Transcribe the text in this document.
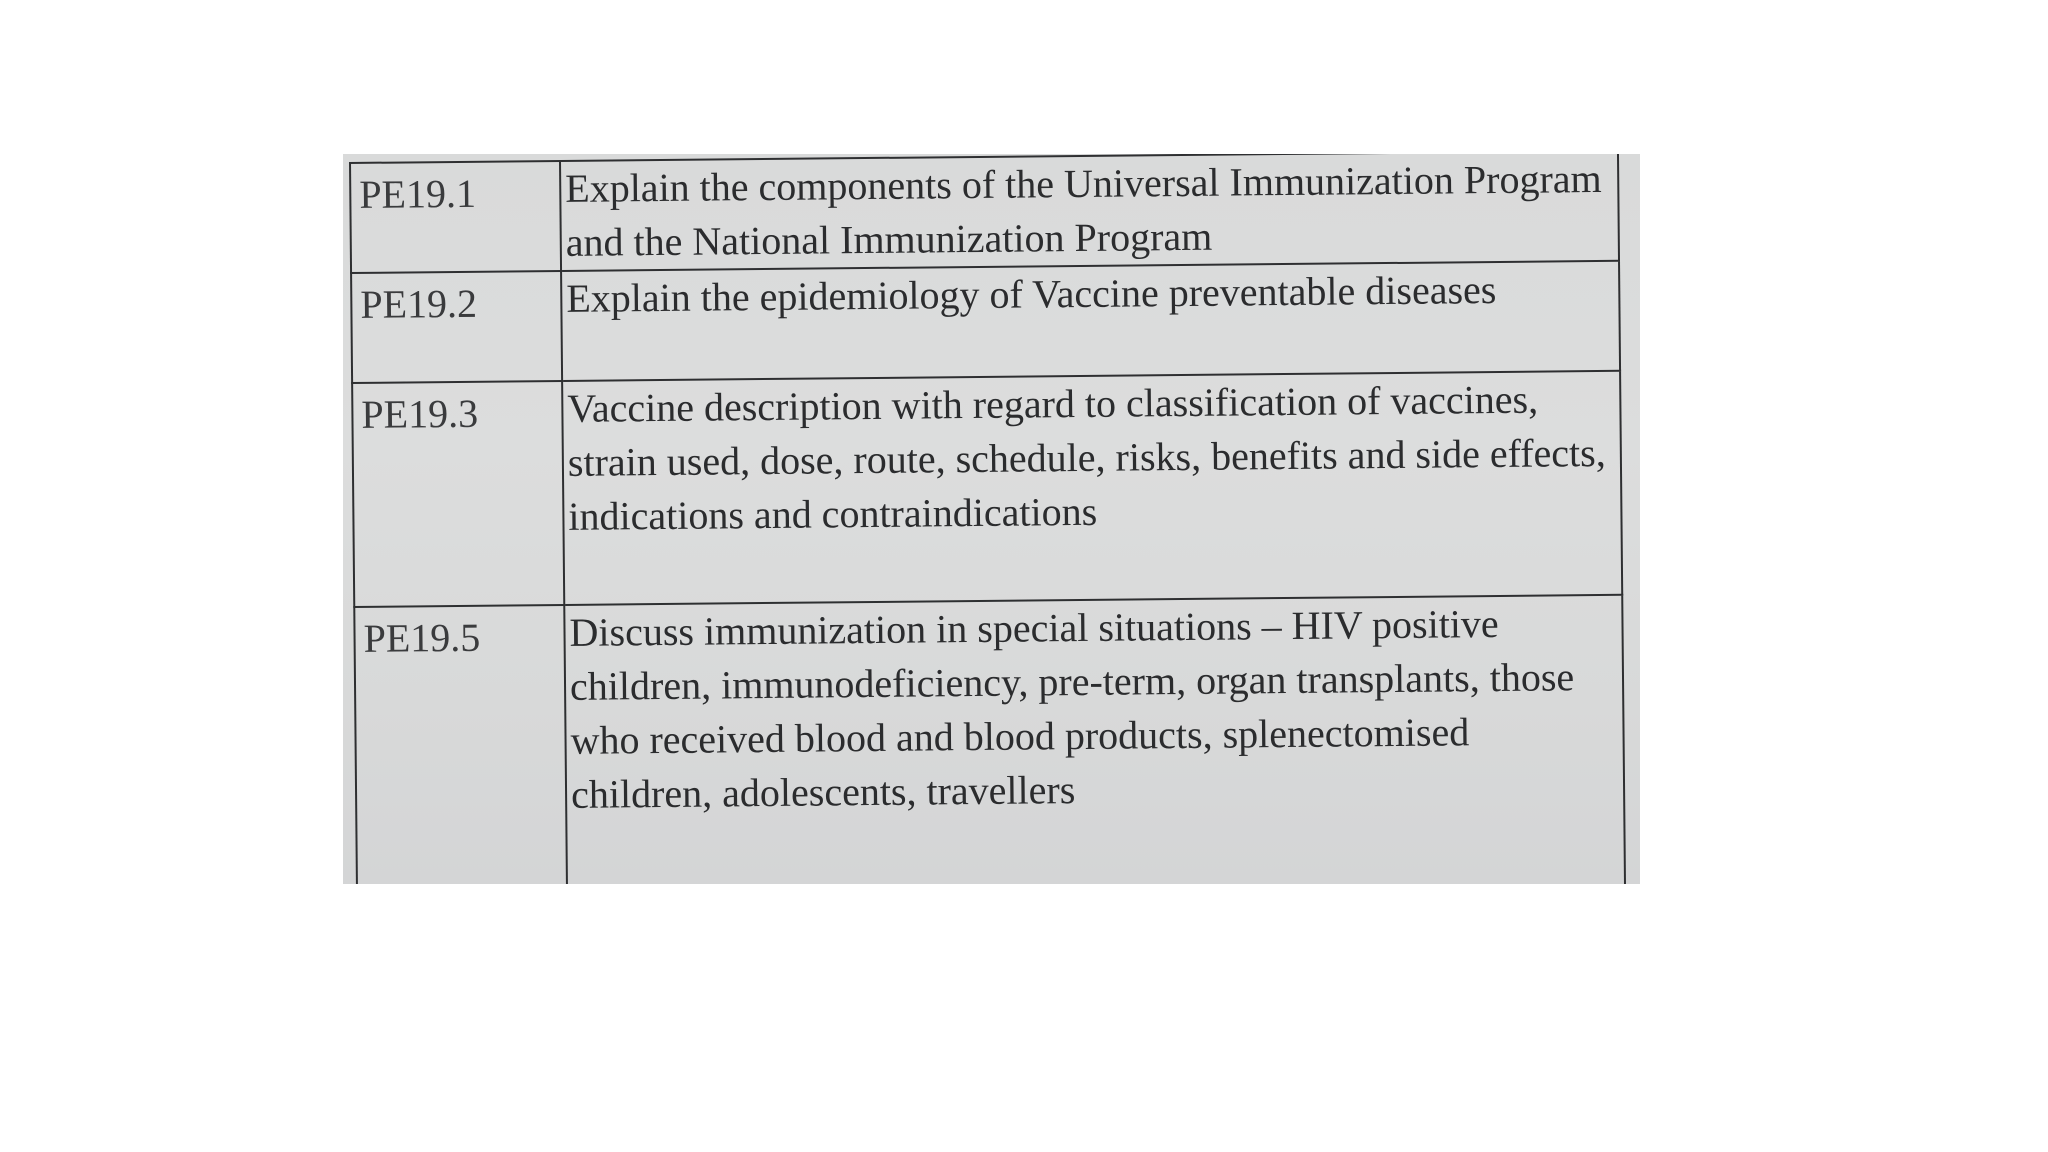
PE19.1	Explain the components of the Universal Immunization Program and the National Immunization Program
PE19.2	Explain the epidemiology of Vaccine preventable diseases
PE19.3	Vaccine description with regard to classification of vaccines, strain used, dose, route, schedule, risks, benefits and side effects, indications and contraindications
PE19.5	Discuss immunization in special situations – HIV positive children, immunodeficiency, pre-term, organ transplants, those who received blood and blood products, splenectomised children, adolescents, travellers
